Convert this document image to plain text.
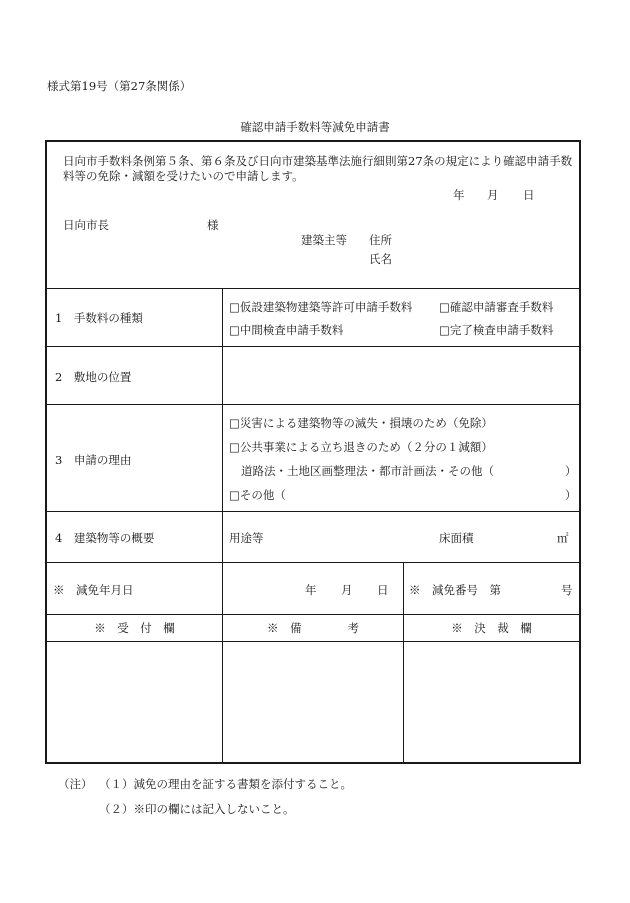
様式第19号（第27条関係）
確認申請手数料等減免申請書
日向市手数料条例第５条、第６条及び日向市建築基準法施行細則第27条の規定により確認申請手数料等の免除・減額を受けたいので申請します。
年 月 日
日向市長	様
建築主等 住所
氏名
1　手数料の種類
□仮設建築物建築等許可申請手数料 □確認申請審査手数料
□中間検査申請手数料	□完了検査申請手数料
2　敷地の位置
3　申請の理由
□災害による建築物等の滅失・損壊のため（免除）
□公共事業による立ち退きのため（２分の１減額）
道路法・土地区画整理法・都市計画法・その他（	）
□その他（	）
4　建築物等の概要	用途等	床面積	㎡
※　減免年月日	年 月 日 ※　減免番号　第	号
※　受　付　欄	※　備　　　　考	※　決　裁　欄
（注） （１）減免の理由を証する書類を添付すること。
（２）※印の欄には記入しないこと。
